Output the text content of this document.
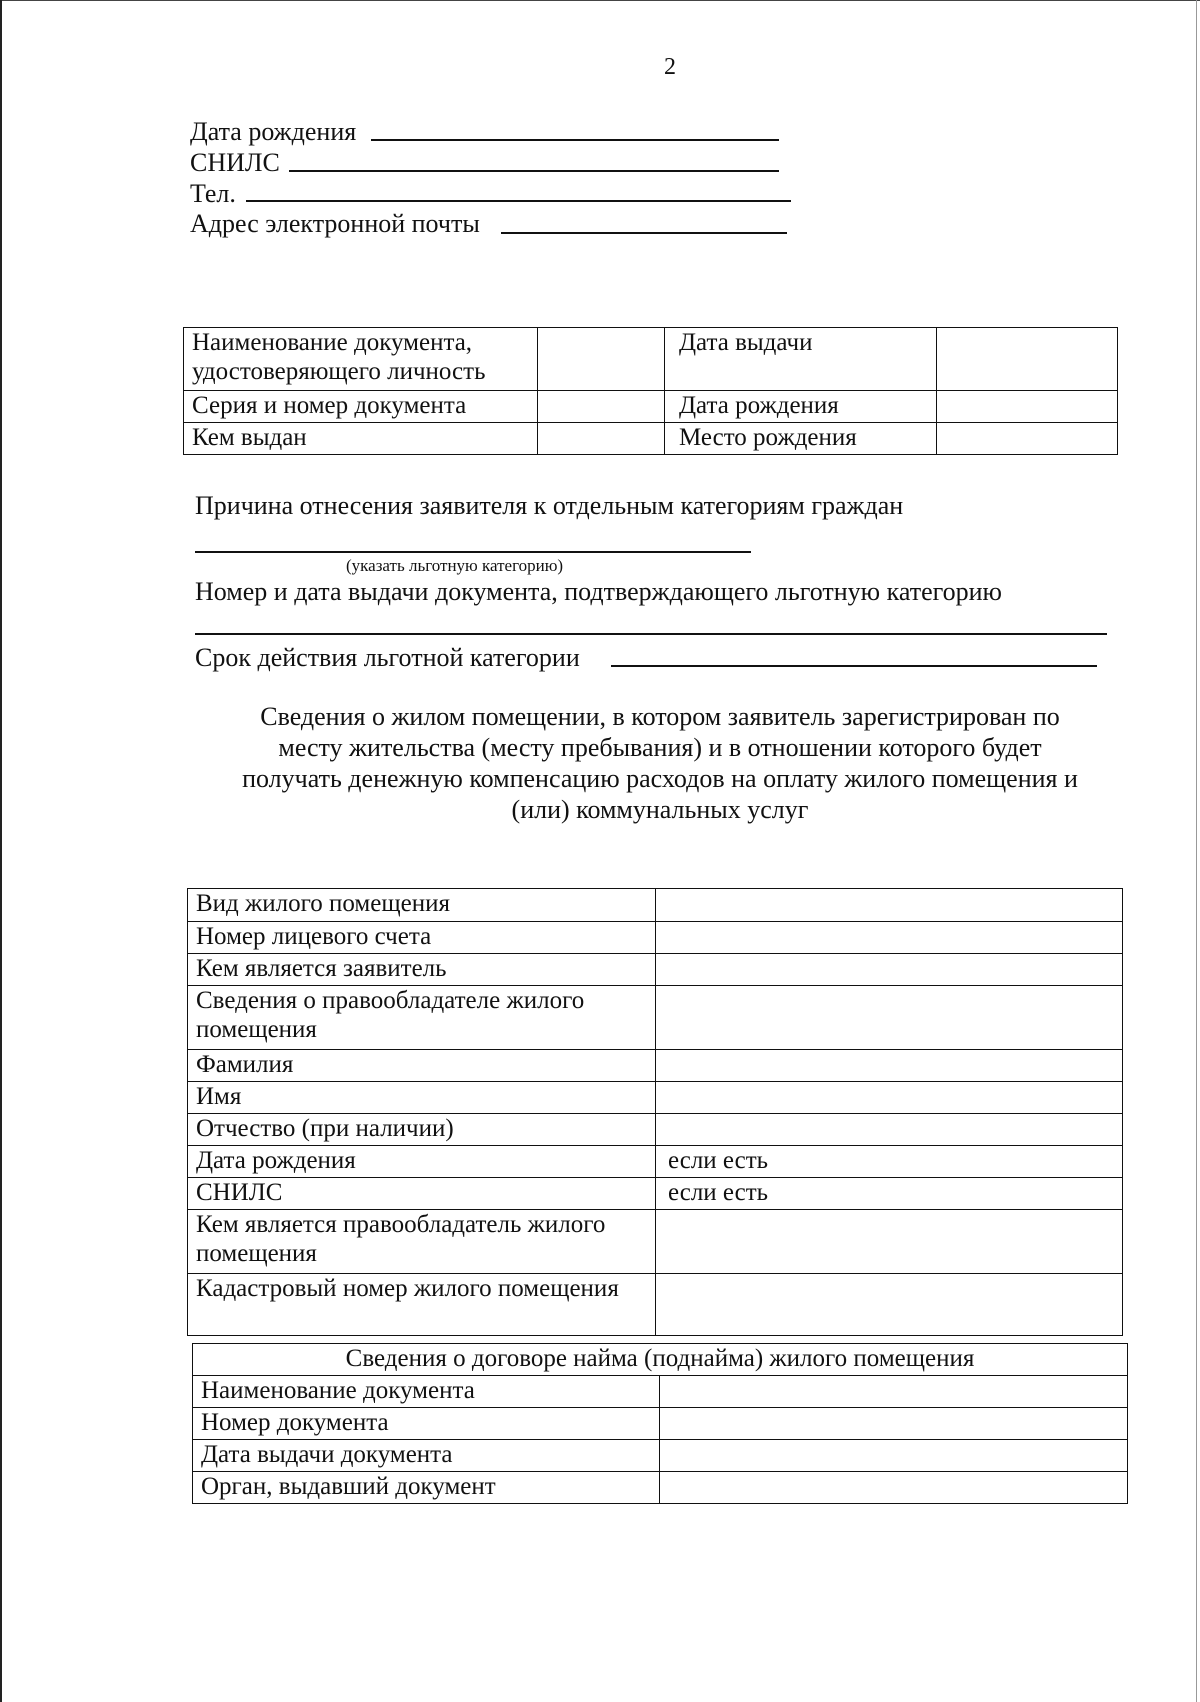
2
Дата рождения
СНИЛС
Тел.
Адрес электронной почты
Наименование документа, удостоверяющего личность		Дата выдачи	
Серия и номер документа		Дата рождения	
Кем выдан		Место рождения	
Причина отнесения заявителя к отдельным категориям граждан
(указать льготную категорию)
Номер и дата выдачи документа, подтверждающего льготную категорию
Срок действия льготной категории
Сведения о жилом помещении, в котором заявитель зарегистрирован по
месту жительства (месту пребывания) и в отношении которого будет
получать денежную компенсацию расходов на оплату жилого помещения и
(или) коммунальных услуг
Вид жилого помещения	
Номер лицевого счета	
Кем является заявитель	
Сведения о правообладателе жилого помещения	
Фамилия	
Имя	
Отчество (при наличии)	
Дата рождения	если есть
СНИЛС	если есть
Кем является правообладатель жилого помещения	
Кадастровый номер жилого помещения	
Сведения о договоре найма (поднайма) жилого помещения	
Наименование документа	
Номер документа	
Дата выдачи документа	
Орган, выдавший документ	
